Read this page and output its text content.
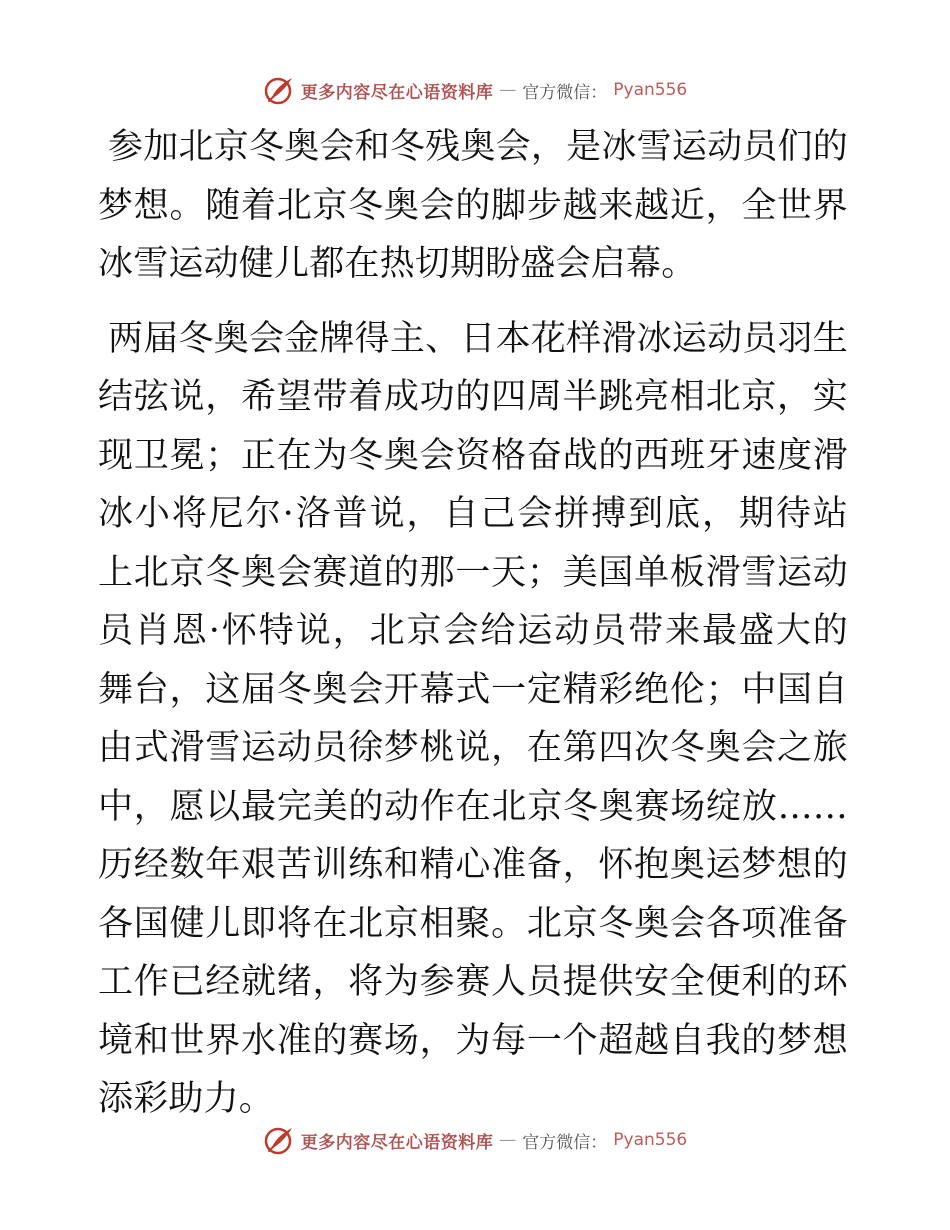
更多内容尽在心语资料库 — 官方微信： Pyan556

参加北京冬奥会和冬残奥会，是冰雪运动员们的梦想。随着北京冬奥会的脚步越来越近，全世界冰雪运动健儿都在热切期盼盛会启幕。

两届冬奥会金牌得主、日本花样滑冰运动员羽生结弦说，希望带着成功的四周半跳亮相北京，实现卫冕；正在为冬奥会资格奋战的西班牙速度滑冰小将尼尔·洛普说，自己会拼搏到底，期待站上北京冬奥会赛道的那一天；美国单板滑雪运动员肖恩·怀特说，北京会给运动员带来最盛大的舞台，这届冬奥会开幕式一定精彩绝伦；中国自由式滑雪运动员徐梦桃说，在第四次冬奥会之旅中，愿以最完美的动作在北京冬奥赛场绽放……历经数年艰苦训练和精心准备，怀抱奥运梦想的各国健儿即将在北京相聚。北京冬奥会各项准备工作已经就绪，将为参赛人员提供安全便利的环境和世界水准的赛场，为每一个超越自我的梦想添彩助力。

更多内容尽在心语资料库 — 官方微信： Pyan556
